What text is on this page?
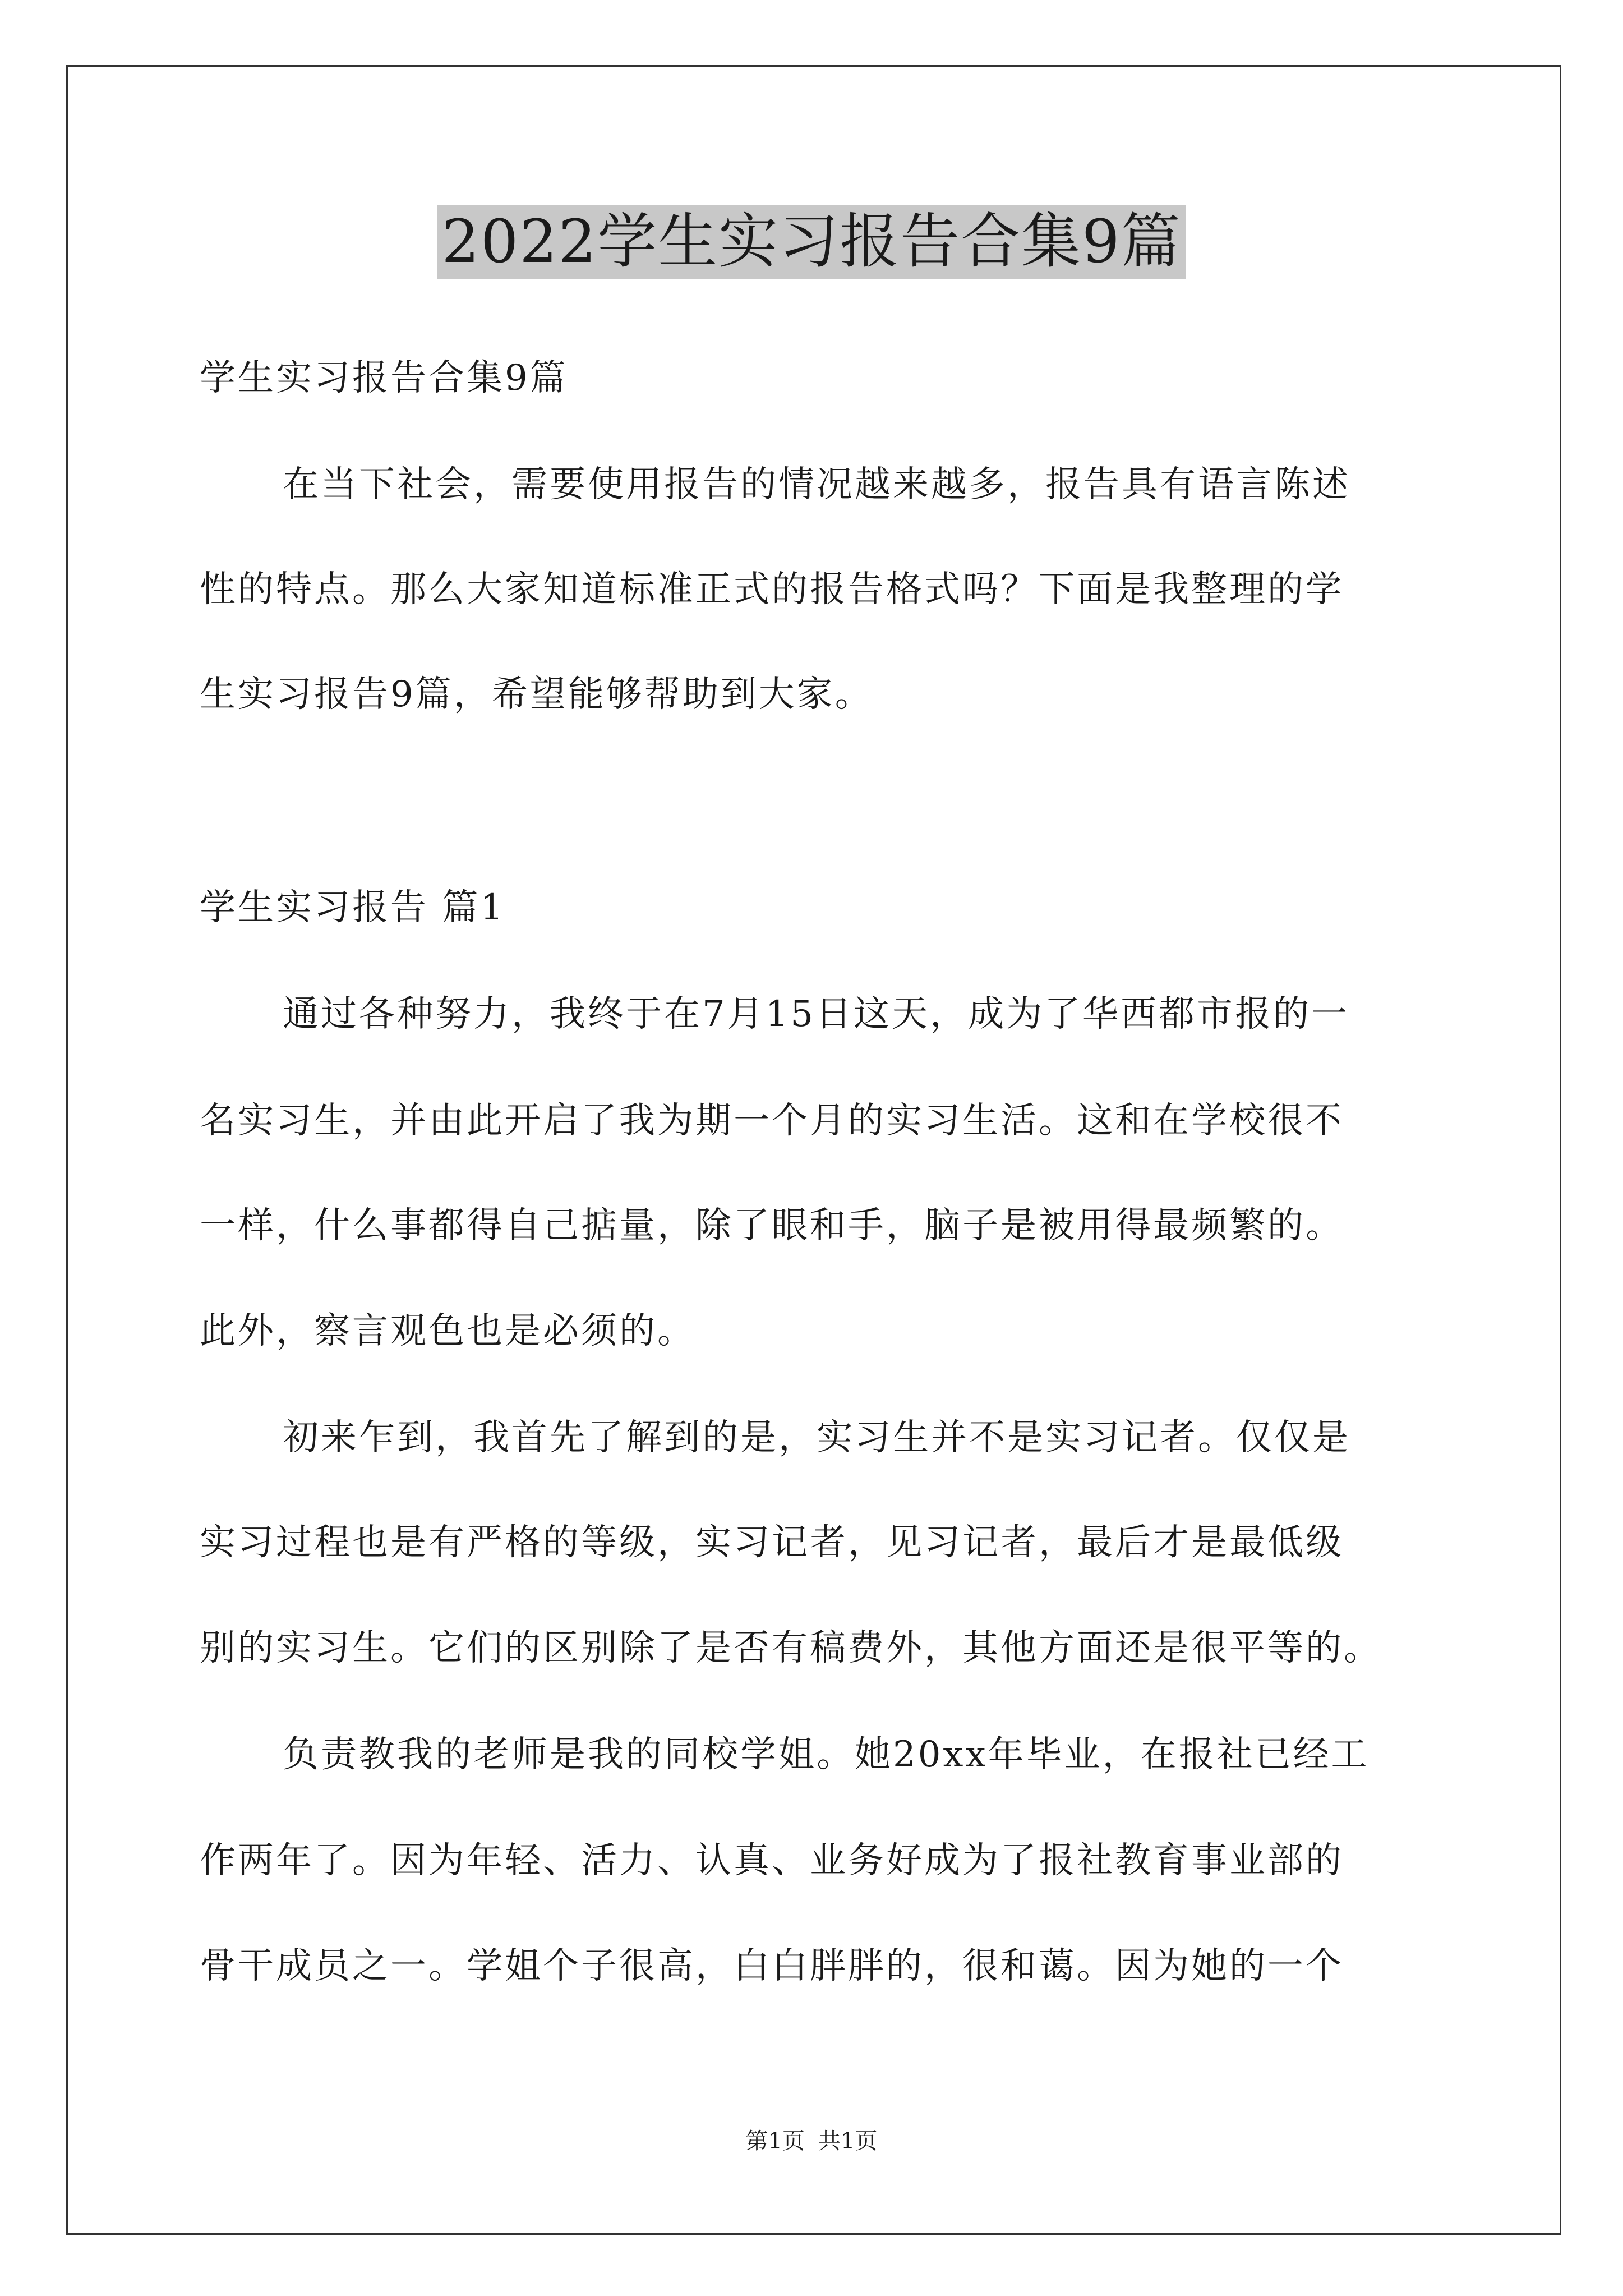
2022学生实习报告合集9篇
学生实习报告合集9篇
在当下社会，需要使用报告的情况越来越多，报告具有语言陈述
性的特点。那么大家知道标准正式的报告格式吗？下面是我整理的学
生实习报告9篇，希望能够帮助到大家。
学生实习报告 篇1
通过各种努力，我终于在7月15日这天，成为了华西都市报的一
名实习生，并由此开启了我为期一个月的实习生活。这和在学校很不
一样，什么事都得自己掂量，除了眼和手，脑子是被用得最频繁的。
此外，察言观色也是必须的。
初来乍到，我首先了解到的是，实习生并不是实习记者。仅仅是
实习过程也是有严格的等级，实习记者，见习记者，最后才是最低级
别的实习生。它们的区别除了是否有稿费外，其他方面还是很平等的。
负责教我的老师是我的同校学姐。她20xx年毕业，在报社已经工
作两年了。因为年轻、活力、认真、业务好成为了报社教育事业部的
骨干成员之一。学姐个子很高，白白胖胖的，很和蔼。因为她的一个
第1页 共1页
